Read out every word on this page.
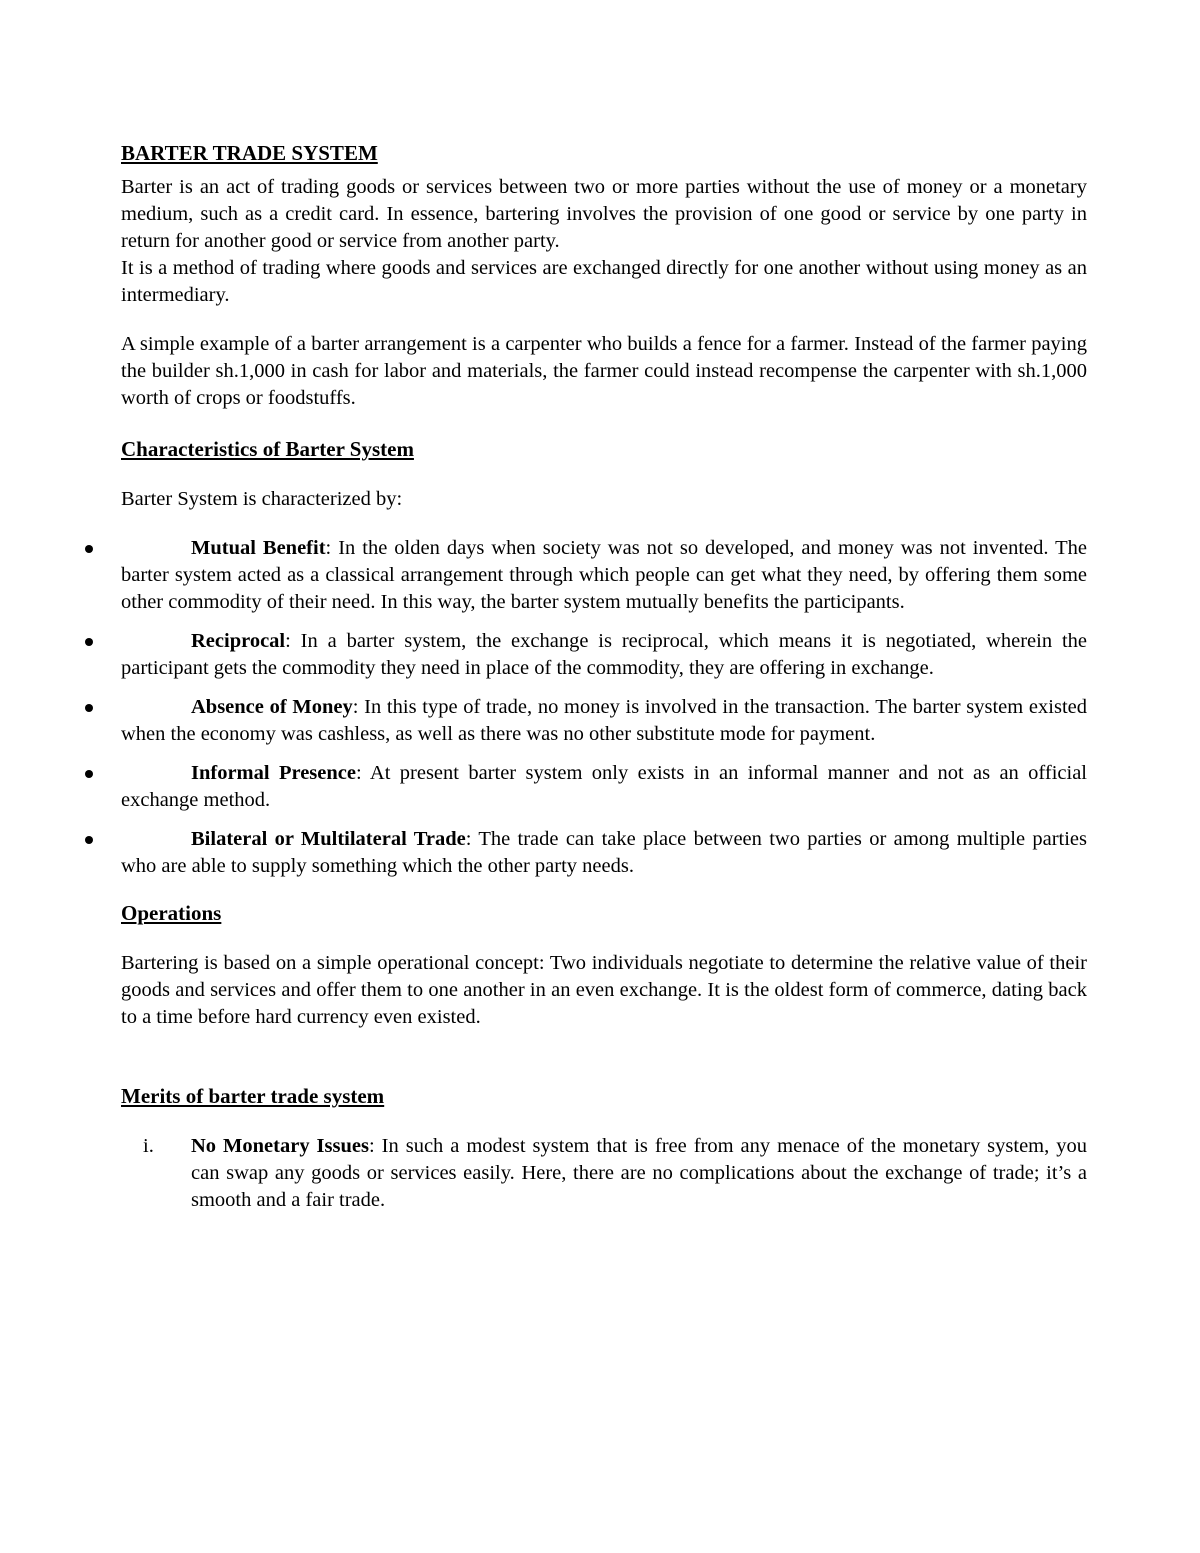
BARTER TRADE SYSTEM

Barter is an act of trading goods or services between two or more parties without the use of money or a monetary medium, such as a credit card. In essence, bartering involves the provision of one good or service by one party in return for another good or service from another party.

It is a method of trading where goods and services are exchanged directly for one another without using money as an intermediary.

A simple example of a barter arrangement is a carpenter who builds a fence for a farmer. Instead of the farmer paying the builder sh.1,000 in cash for labor and materials, the farmer could instead recompense the carpenter with sh.1,000 worth of crops or foodstuffs.

Characteristics of Barter System

Barter System is characterized by:

Mutual Benefit: In the olden days when society was not so developed, and money was not invented. The barter system acted as a classical arrangement through which people can get what they need, by offering them some other commodity of their need. In this way, the barter system mutually benefits the participants.
Reciprocal: In a barter system, the exchange is reciprocal, which means it is negotiated, wherein the participant gets the commodity they need in place of the commodity, they are offering in exchange.
Absence of Money: In this type of trade, no money is involved in the transaction. The barter system existed when the economy was cashless, as well as there was no other substitute mode for payment.
Informal Presence: At present barter system only exists in an informal manner and not as an official exchange method.
Bilateral or Multilateral Trade: The trade can take place between two parties or among multiple parties who are able to supply something which the other party needs.
Operations

Bartering is based on a simple operational concept: Two individuals negotiate to determine the relative value of their goods and services and offer them to one another in an even exchange. It is the oldest form of commerce, dating back to a time before hard currency even existed.

Merits of barter trade system
i. No Monetary Issues: In such a modest system that is free from any menace of the monetary system, you can swap any goods or services easily. Here, there are no complications about the exchange of trade; it’s a smooth and a fair trade.
